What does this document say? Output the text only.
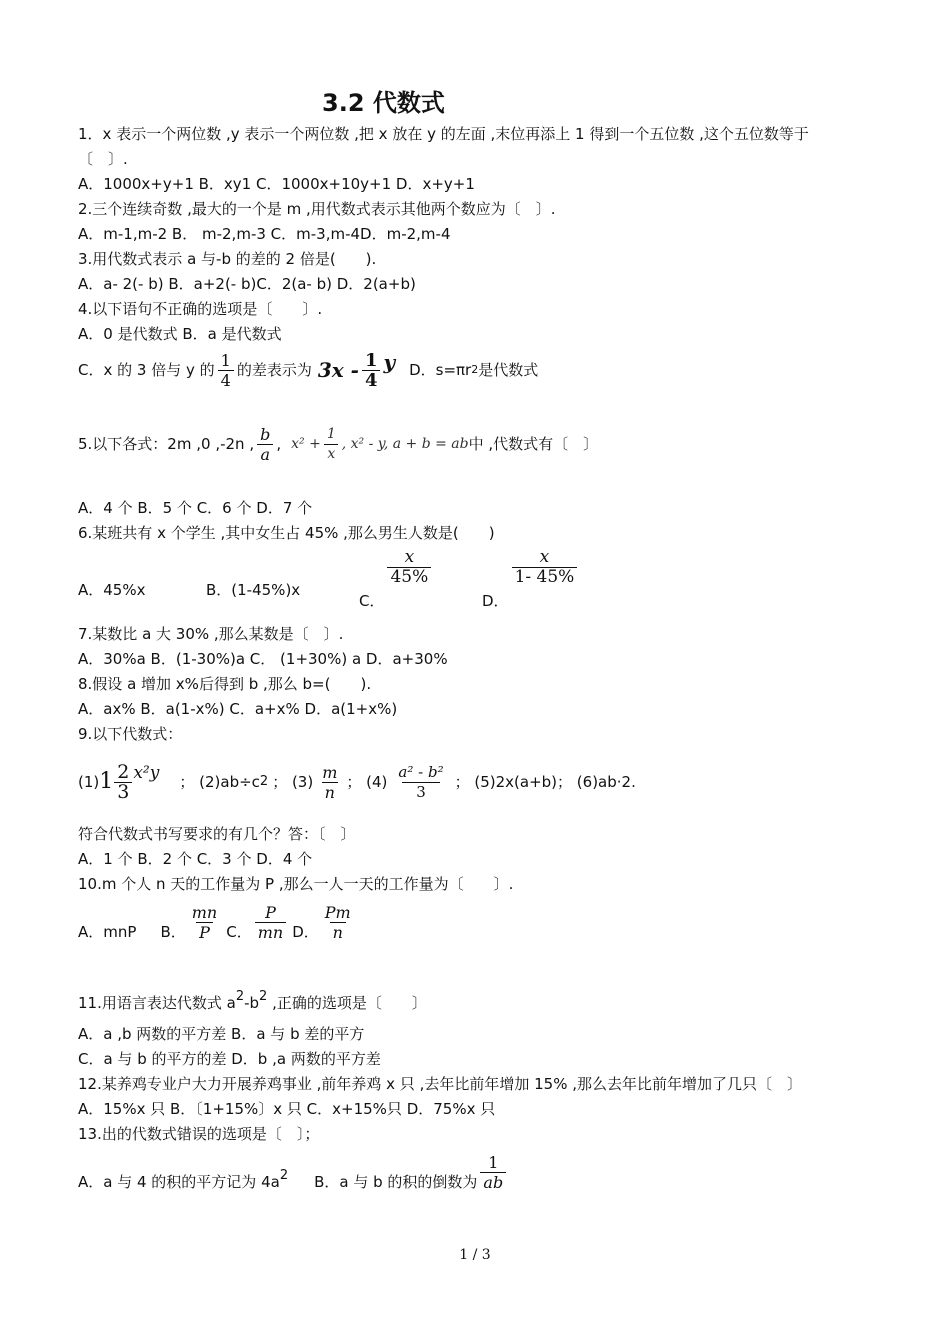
3.2 代数式
1．x 表示一个两位数 ,y 表示一个两位数 ,把 x 放在 y 的左面 ,末位再添上 1 得到一个五位数 ,这个五位数等于
〔　〕.
A．1000x+y+1 B．xy1 C．1000x+10y+1 D．x+y+1
2.三个连续奇数 ,最大的一个是 m ,用代数式表示其他两个数应为〔　〕.
A．m-1,m-2 B． m-2,m-3 C．m-3,m-4D．m-2,m-4
3.用代数式表示 a 与-b 的差的 2 倍是(　　).
A．a- 2(- b) B．a+2(- b)C．2(a- b) D．2(a+b)
4.以下语句不正确的选项是〔　　〕.
A．0 是代数式 B．a 是代数式
C．x 的 3 倍与 y 的 $\frac{1}{4}$ 的差表示为 $3x - \frac{1}{4}$ y D．s=πr 2 是代数式
5.以下各式：2m ,0 ,-2n , $\frac{b}{a}$ , $x^2 + \frac{1}{x}$ , x² - y, a + b = ab 中 ,代数式有〔　〕
A．4 个 B．5 个 C．6 个 D．7 个
6.某班共有 x 个学生 ,其中女生占 45% ,那么男生人数是(　　)
A．45%x	B．(1-45%)x
C．
$\frac{x}{45\%}$
D．
$\frac{x}{1- 45\%}$
7.某数比 a 大 30% ,那么某数是〔　〕.
A．30%a B．(1-30%)a C． (1+30%) a D．a+30%
8.假设 a 增加 x%后得到 b ,那么 b=(　　).
A．ax% B．a(1-x%) C．a+x% D．a(1+x%)
9.以下代数式：
(1) $1 \frac{2}{3} x^2y$ ； (2)ab÷c 2 ； $(3) \frac{m}{n}$ ； $(4) \frac{\text{a² - b²}}{3}$ ； (5)2x(a+b)； (6)ab·2.
符合代数式书写要求的有几个？答：〔　〕
A．1 个 B．2 个 C．3 个 D．4 个
10.m 个人 n 天的工作量为 P ,那么一人一天的工作量为〔　　〕.
A．mnP B． $\frac{mn}{P}$ C． $\frac{P}{mn}$ D． $\frac{Pm}{n}$
11.用语言表达代数式 a2-b2 ,正确的选项是〔　　〕
A．a ,b 两数的平方差 B．a 与 b 差的平方
C．a 与 b 的平方的差 D．b ,a 两数的平方差
12.某养鸡专业户大力开展养鸡事业 ,前年养鸡 x 只 ,去年比前年增加 15% ,那么去年比前年增加了几只〔　〕
A．15%x 只 B．〔1+15%〕x 只 C．x+15%只 D．75%x 只
13.出的代数式错误的选项是〔　〕；
A．a 与 4 的积的平方记为 4a 2 B．a 与 b 的积的倒数为 $\frac{1}{ab}$
1 / 3
